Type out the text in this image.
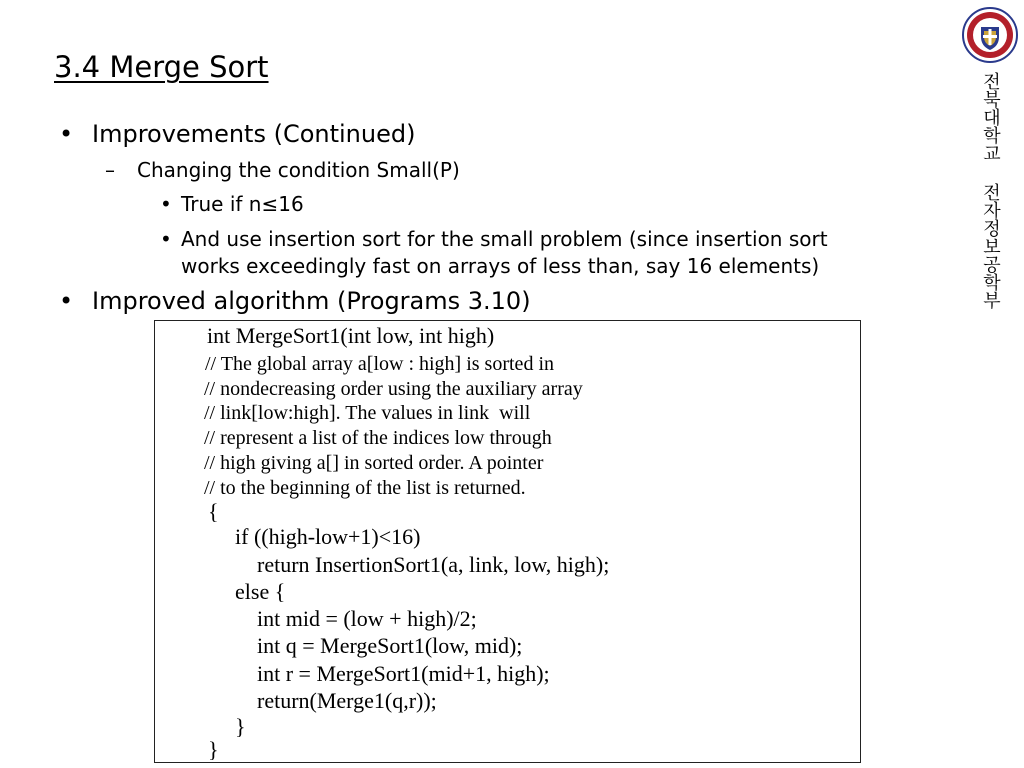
3.4 Merge Sort
• Improvements (Continued)
– Changing the condition Small(P)
• True if n≤16
• And use insertion sort for the small problem (since insertion sort
works exceedingly fast on arrays of less than, say 16 elements)
• Improved algorithm (Programs 3.10)
int MergeSort1(int low, int high)
// The global array a[low : high] is sorted in
// nondecreasing order using the auxiliary array
// link[low:high]. The values in link  will
// represent a list of the indices low through
// high giving a[] in sorted order. A pointer
// to the beginning of the list is returned.
{
if ((high-low+1)<16)
return InsertionSort1(a, link, low, high);
else {
int mid = (low + high)/2;
int q = MergeSort1(low, mid);
int r = MergeSort1(mid+1, high);
return(Merge1(q,r));
}
}
전북대학교 전자정보공학부
